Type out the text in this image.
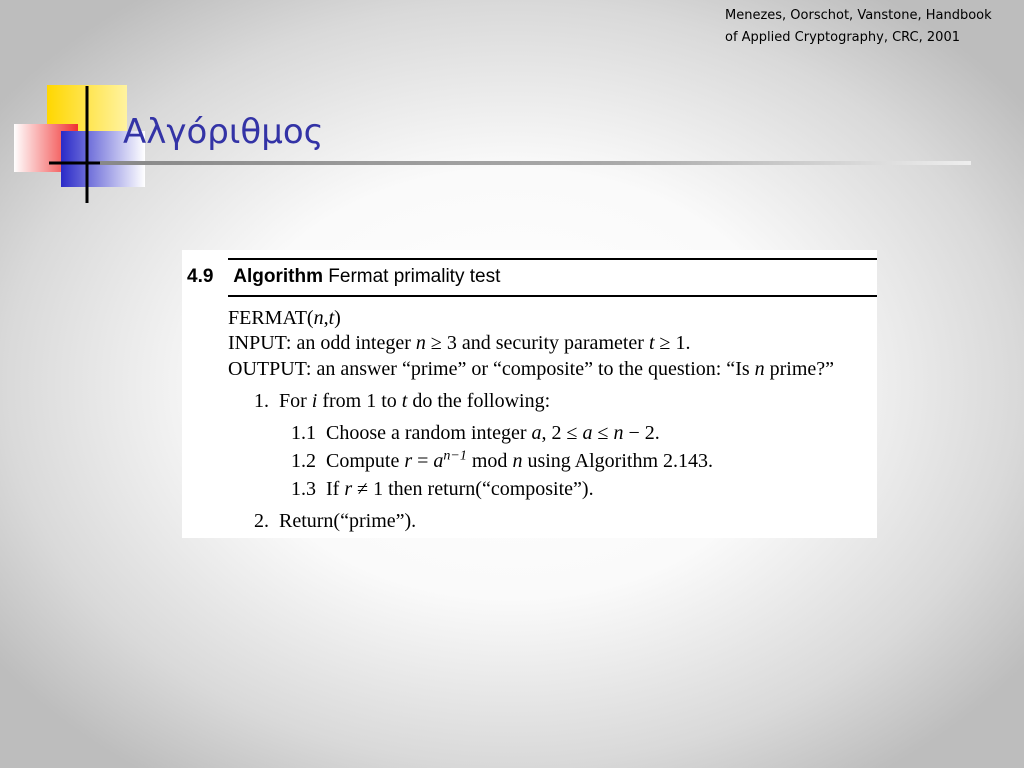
Menezes, Oorschot, Vanstone, Handbook
of Applied Cryptography, CRC, 2001
Αλγόριθμος
4.9 Algorithm Fermat primality test
FERMAT(n,t)
INPUT: an odd integer n ≥ 3 and security parameter t ≥ 1.
OUTPUT: an answer “prime” or “composite” to the question: “Is n prime?”
1. For i from 1 to t do the following:
1.1 Choose a random integer a, 2 ≤ a ≤ n − 2.
1.2 Compute $r = a^{n-1}$ mod n using Algorithm 2.143.
1.3 If r ≠ 1 then return(“composite”).
2. Return(“prime”).
